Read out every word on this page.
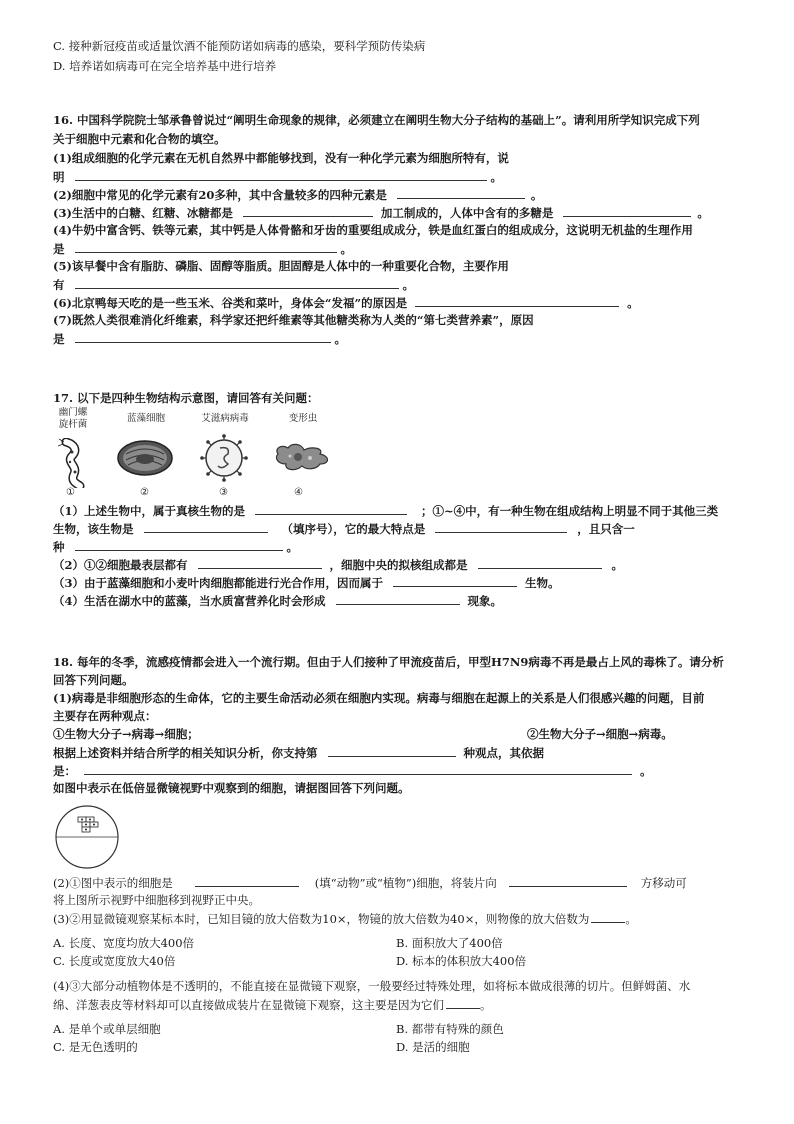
C. 接种新冠疫苗或适量饮酒不能预防诺如病毒的感染，要科学预防传染病
D. 培养诺如病毒可在完全培养基中进行培养
16. 中国科学院院士邹承鲁曾说过“阐明生命现象的规律，必须建立在阐明生物大分子结构的基础上”。请利用所学知识完成下列
关于细胞中元素和化合物的填空。
(1)组成细胞的化学元素在无机自然界中都能够找到，没有一种化学元素为细胞所特有，说
明	。
(2)细胞中常见的化学元素有20多种，其中含量较多的四种元素是	。
(3)生活中的白糖、红糖、冰糖都是	加工制成的，人体中含有的多糖是	。
(4)牛奶中富含钙、铁等元素，其中钙是人体骨骼和牙齿的重要组成成分，铁是血红蛋白的组成成分，这说明无机盐的生理作用
是	。
(5)该早餐中含有脂肪、磷脂、固醇等脂质。胆固醇是人体中的一种重要化合物，主要作用
有	。
(6)北京鸭每天吃的是一些玉米、谷类和菜叶，身体会“发福”的原因是	。
(7)既然人类很难消化纤维素，科学家还把纤维素等其他糖类称为人类的“第七类营养素”，原因
是	。
17. 以下是四种生物结构示意图，请回答有关问题：
幽门螺
旋杆菌
蓝藻细胞	艾滋病病毒	变形虫
①	②	③	④
（1）上述生物中，属于真核生物的是	；①~④中，有一种生物在组成结构上明显不同于其他三类
生物，该生物是	（填序号），它的最大特点是	，且只含一
种	。
（2）①②细胞最表层都有	，细胞中央的拟核组成都是	。
（3）由于蓝藻细胞和小麦叶肉细胞都能进行光合作用，因而属于	生物。
（4）生活在湖水中的蓝藻，当水质富营养化时会形成	现象。
18. 每年的冬季，流感疫情都会进入一个流行期。但由于人们接种了甲流疫苗后，甲型H7N9病毒不再是最占上风的毒株了。请分析
回答下列问题。
(1)病毒是非细胞形态的生命体，它的主要生命活动必须在细胞内实现。病毒与细胞在起源上的关系是人们很感兴趣的问题，目前
主要存在两种观点：
①生物大分子→病毒→细胞；	②生物大分子→细胞→病毒。
根据上述资料并结合所学的相关知识分析，你支持第	种观点，其依据
是：	。
如图中表示在低倍显微镜视野中观察到的细胞，请据图回答下列问题。
(2)①图中表示的细胞是	(填“动物”或“植物”)细胞，将装片向	方移动可
将上图所示视野中细胞移到视野正中央。
(3)②用显微镜观察某标本时，已知目镜的放大倍数为10×，物镜的放大倍数为40×，则物像的放大倍数为	。
A. 长度、宽度均放大400倍	B. 面积放大了400倍
C. 长度或宽度放大40倍	D. 标本的体积放大400倍
(4)③大部分动植物体是不透明的，不能直接在显微镜下观察，一般要经过特殊处理，如将标本做成很薄的切片。但鲜姆菌、水
绵、洋葱表皮等材料却可以直接做成装片在显微镜下观察，这主要是因为它们	。
A. 是单个或单层细胞	B. 都带有特殊的颜色
C. 是无色透明的	D. 是活的细胞
